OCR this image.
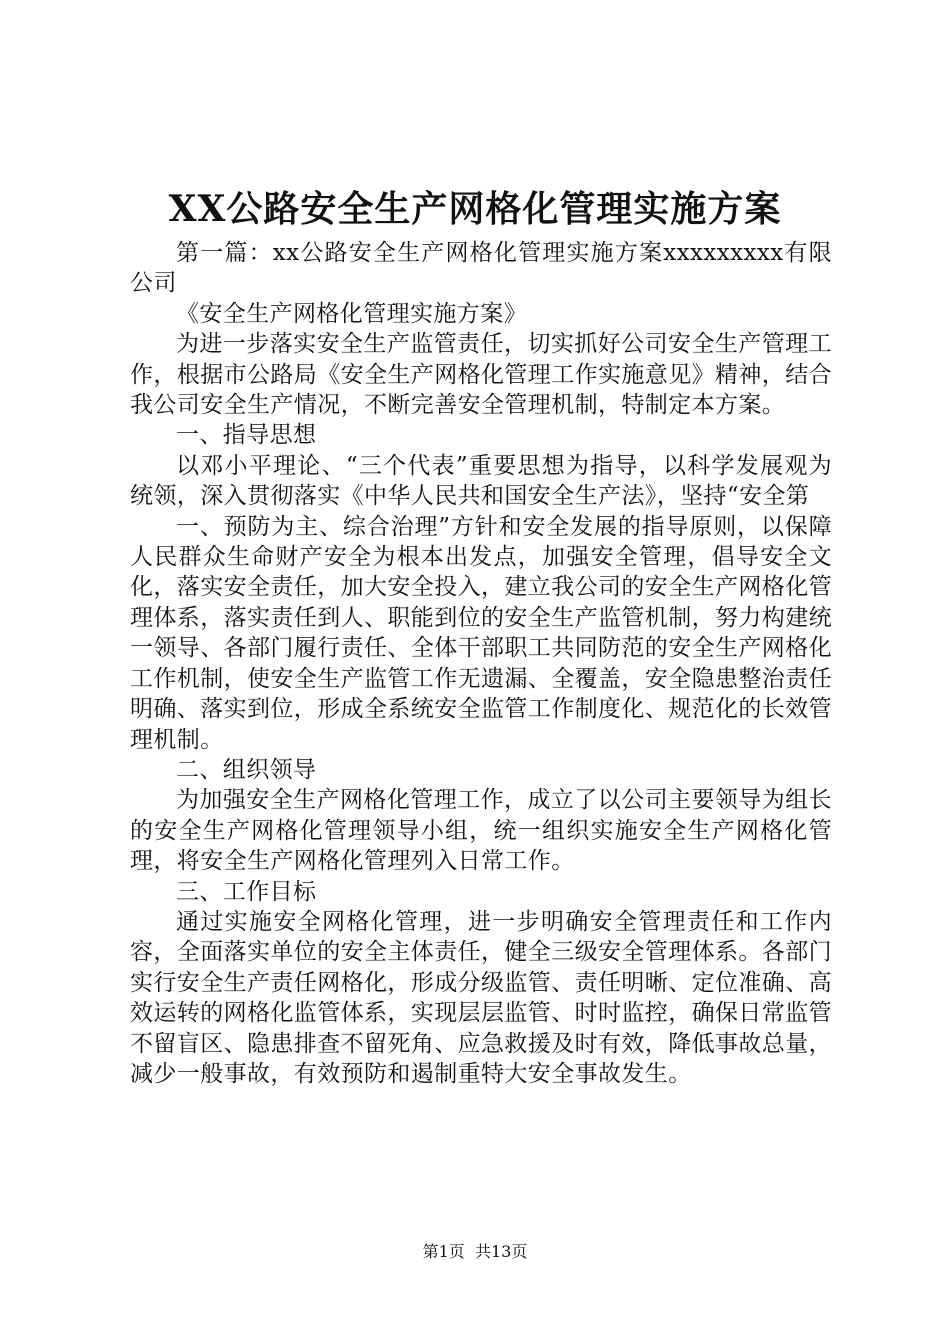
XX公路安全生产网格化管理实施方案

第一篇：xx公路安全生产网格化管理实施方案xxxxxxxxx有限公司

《安全生产网格化管理实施方案》

为进一步落实安全生产监管责任，切实抓好公司安全生产管理工作，根据市公路局《安全生产网格化管理工作实施意见》精神，结合我公司安全生产情况，不断完善安全管理机制，特制定本方案。

一、指导思想

以邓小平理论、“三个代表”重要思想为指导，以科学发展观为统领，深入贯彻落实《中华人民共和国安全生产法》，坚持“安全第

一、预防为主、综合治理”方针和安全发展的指导原则，以保障人民群众生命财产安全为根本出发点，加强安全管理，倡导安全文化，落实安全责任，加大安全投入，建立我公司的安全生产网格化管理体系，落实责任到人、职能到位的安全生产监管机制，努力构建统一领导、各部门履行责任、全体干部职工共同防范的安全生产网格化工作机制，使安全生产监管工作无遗漏、全覆盖，安全隐患整治责任明确、落实到位，形成全系统安全监管工作制度化、规范化的长效管理机制。

二、组织领导

为加强安全生产网格化管理工作，成立了以公司主要领导为组长的安全生产网格化管理领导小组，统一组织实施安全生产网格化管理，将安全生产网格化管理列入日常工作。

三、工作目标

通过实施安全网格化管理，进一步明确安全管理责任和工作内容，全面落实单位的安全主体责任，健全三级安全管理体系。各部门实行安全生产责任网格化，形成分级监管、责任明晰、定位准确、高效运转的网格化监管体系，实现层层监管、时时监控，确保日常监管不留盲区、隐患排查不留死角、应急救援及时有效，降低事故总量，减少一般事故，有效预防和遏制重特大安全事故发生。

第1页 共13页
